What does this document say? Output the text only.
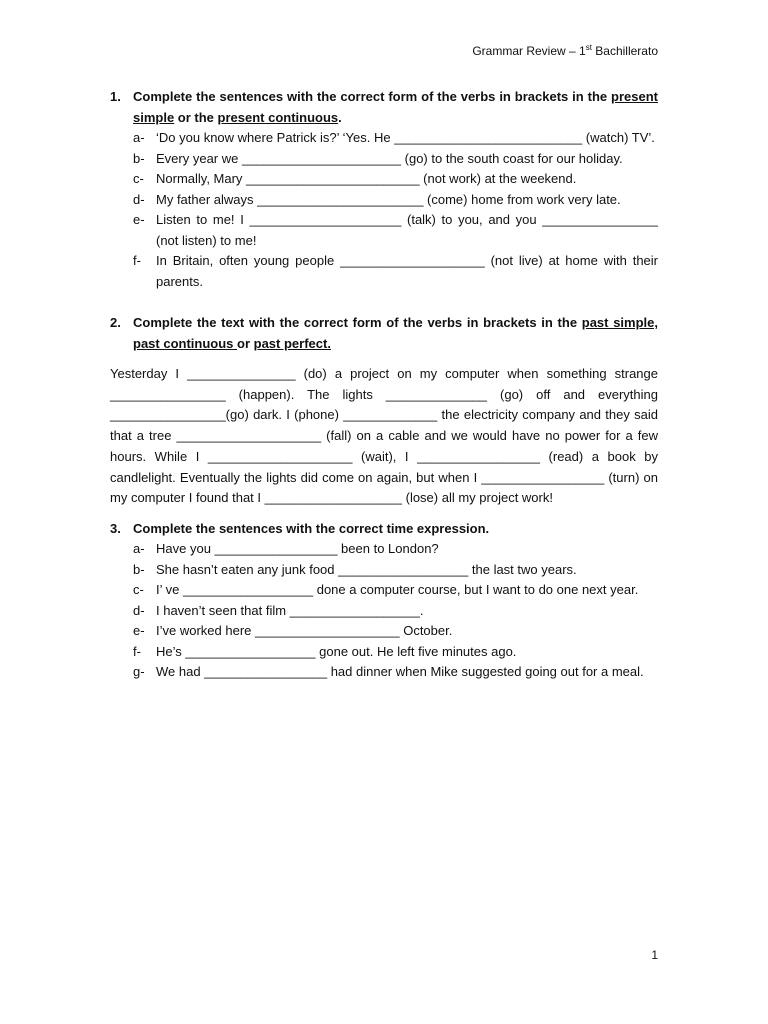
Grammar Review – 1st Bachillerato
1. Complete the sentences with the correct form of the verbs in brackets in the present simple or the present continuous.
a- ‘Do you know where Patrick is?’ ‘Yes. He __________________________ (watch) TV’.
b- Every year we ______________________ (go) to the south coast for our holiday.
c- Normally, Mary ________________________ (not work) at the weekend.
d- My father always _______________________ (come) home from work very late.
e- Listen to me! I _____________________ (talk) to you, and you ________________ (not listen) to me!
f-	In Britain, often young people ____________________ (not live) at home with their parents.
2. Complete the text with the correct form of the verbs in brackets in the past simple, past continuous or past perfect.
Yesterday I _______________ (do) a project on my computer when something strange ________________ (happen). The lights ______________ (go) off and everything ________________(go) dark. I (phone) _____________ the electricity company and they said that a tree ____________________ (fall) on a cable and we would have no power for a few hours. While I ____________________ (wait), I _________________ (read) a book by candlelight. Eventually the lights did come on again, but when I _________________ (turn) on my computer I found that I ___________________ (lose) all my project work!
3. Complete the sentences with the correct time expression.
a- Have you _________________ been to London?
b- She hasn’t eaten any junk food __________________ the last two years.
c- I’ ve __________________ done a computer course, but I want to do one next year.
d- I haven’t seen that film __________________.
e- I’ve worked here ____________________ October.
f-	He’s __________________ gone out. He left five minutes ago.
g- We had _________________ had dinner when Mike suggested going out for a meal.
1
